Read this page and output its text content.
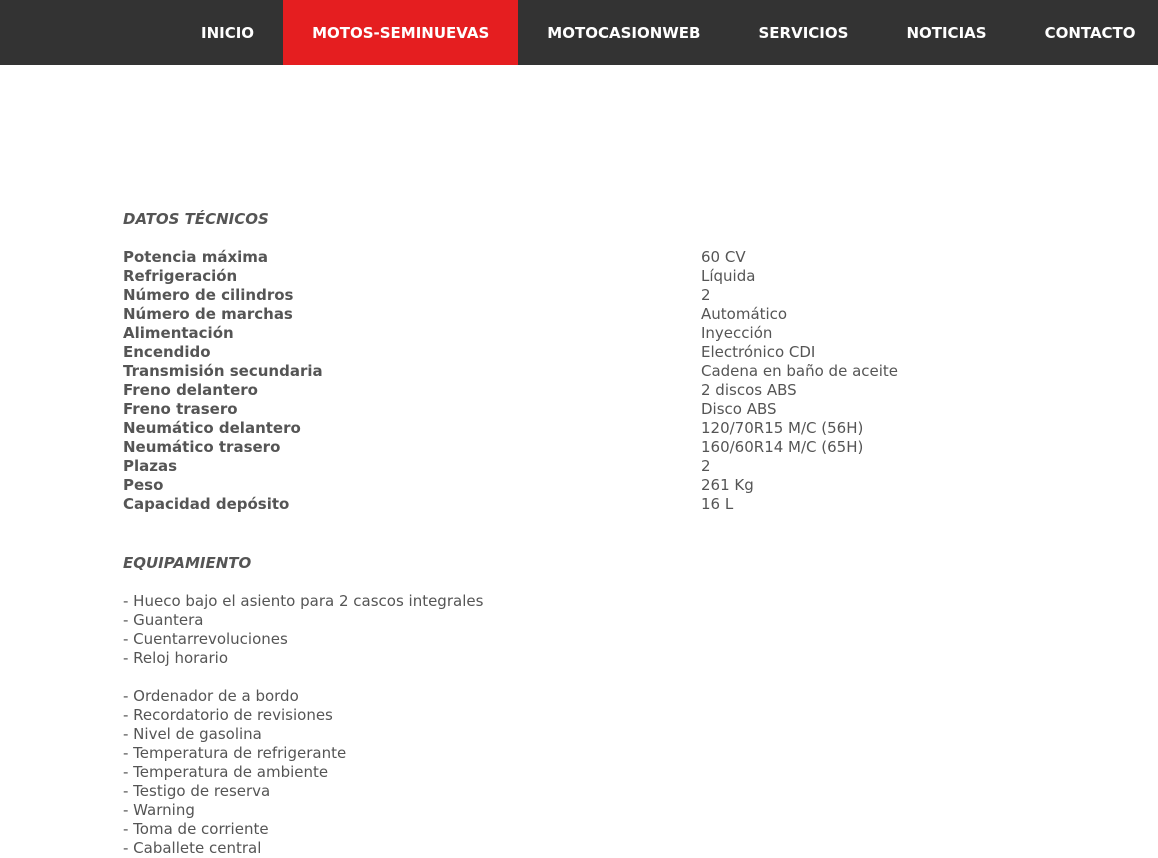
INICIO	MOTOS-SEMINUEVAS	MOTOCASIONWEB	SERVICIOS	NOTICIAS	CONTACTO
DATOS TÉCNICOS
Potencia máxima	60 CV
Refrigeración	Líquida
Número de cilindros	2
Número de marchas	Automático
Alimentación	Inyección
Encendido	Electrónico CDI
Transmisión secundaria	Cadena en baño de aceite
Freno delantero	2 discos ABS
Freno trasero	Disco ABS
Neumático delantero	120/70R15 M/C (56H)
Neumático trasero	160/60R14 M/C (65H)
Plazas	2
Peso	261 Kg
Capacidad depósito	16 L
EQUIPAMIENTO
- Hueco bajo el asiento para 2 cascos integrales
- Guantera
- Cuentarrevoluciones
- Reloj horario
- Ordenador de a bordo
- Recordatorio de revisiones
- Nivel de gasolina
- Temperatura de refrigerante
- Temperatura de ambiente
- Testigo de reserva
- Warning
- Toma de corriente
- Caballete central
